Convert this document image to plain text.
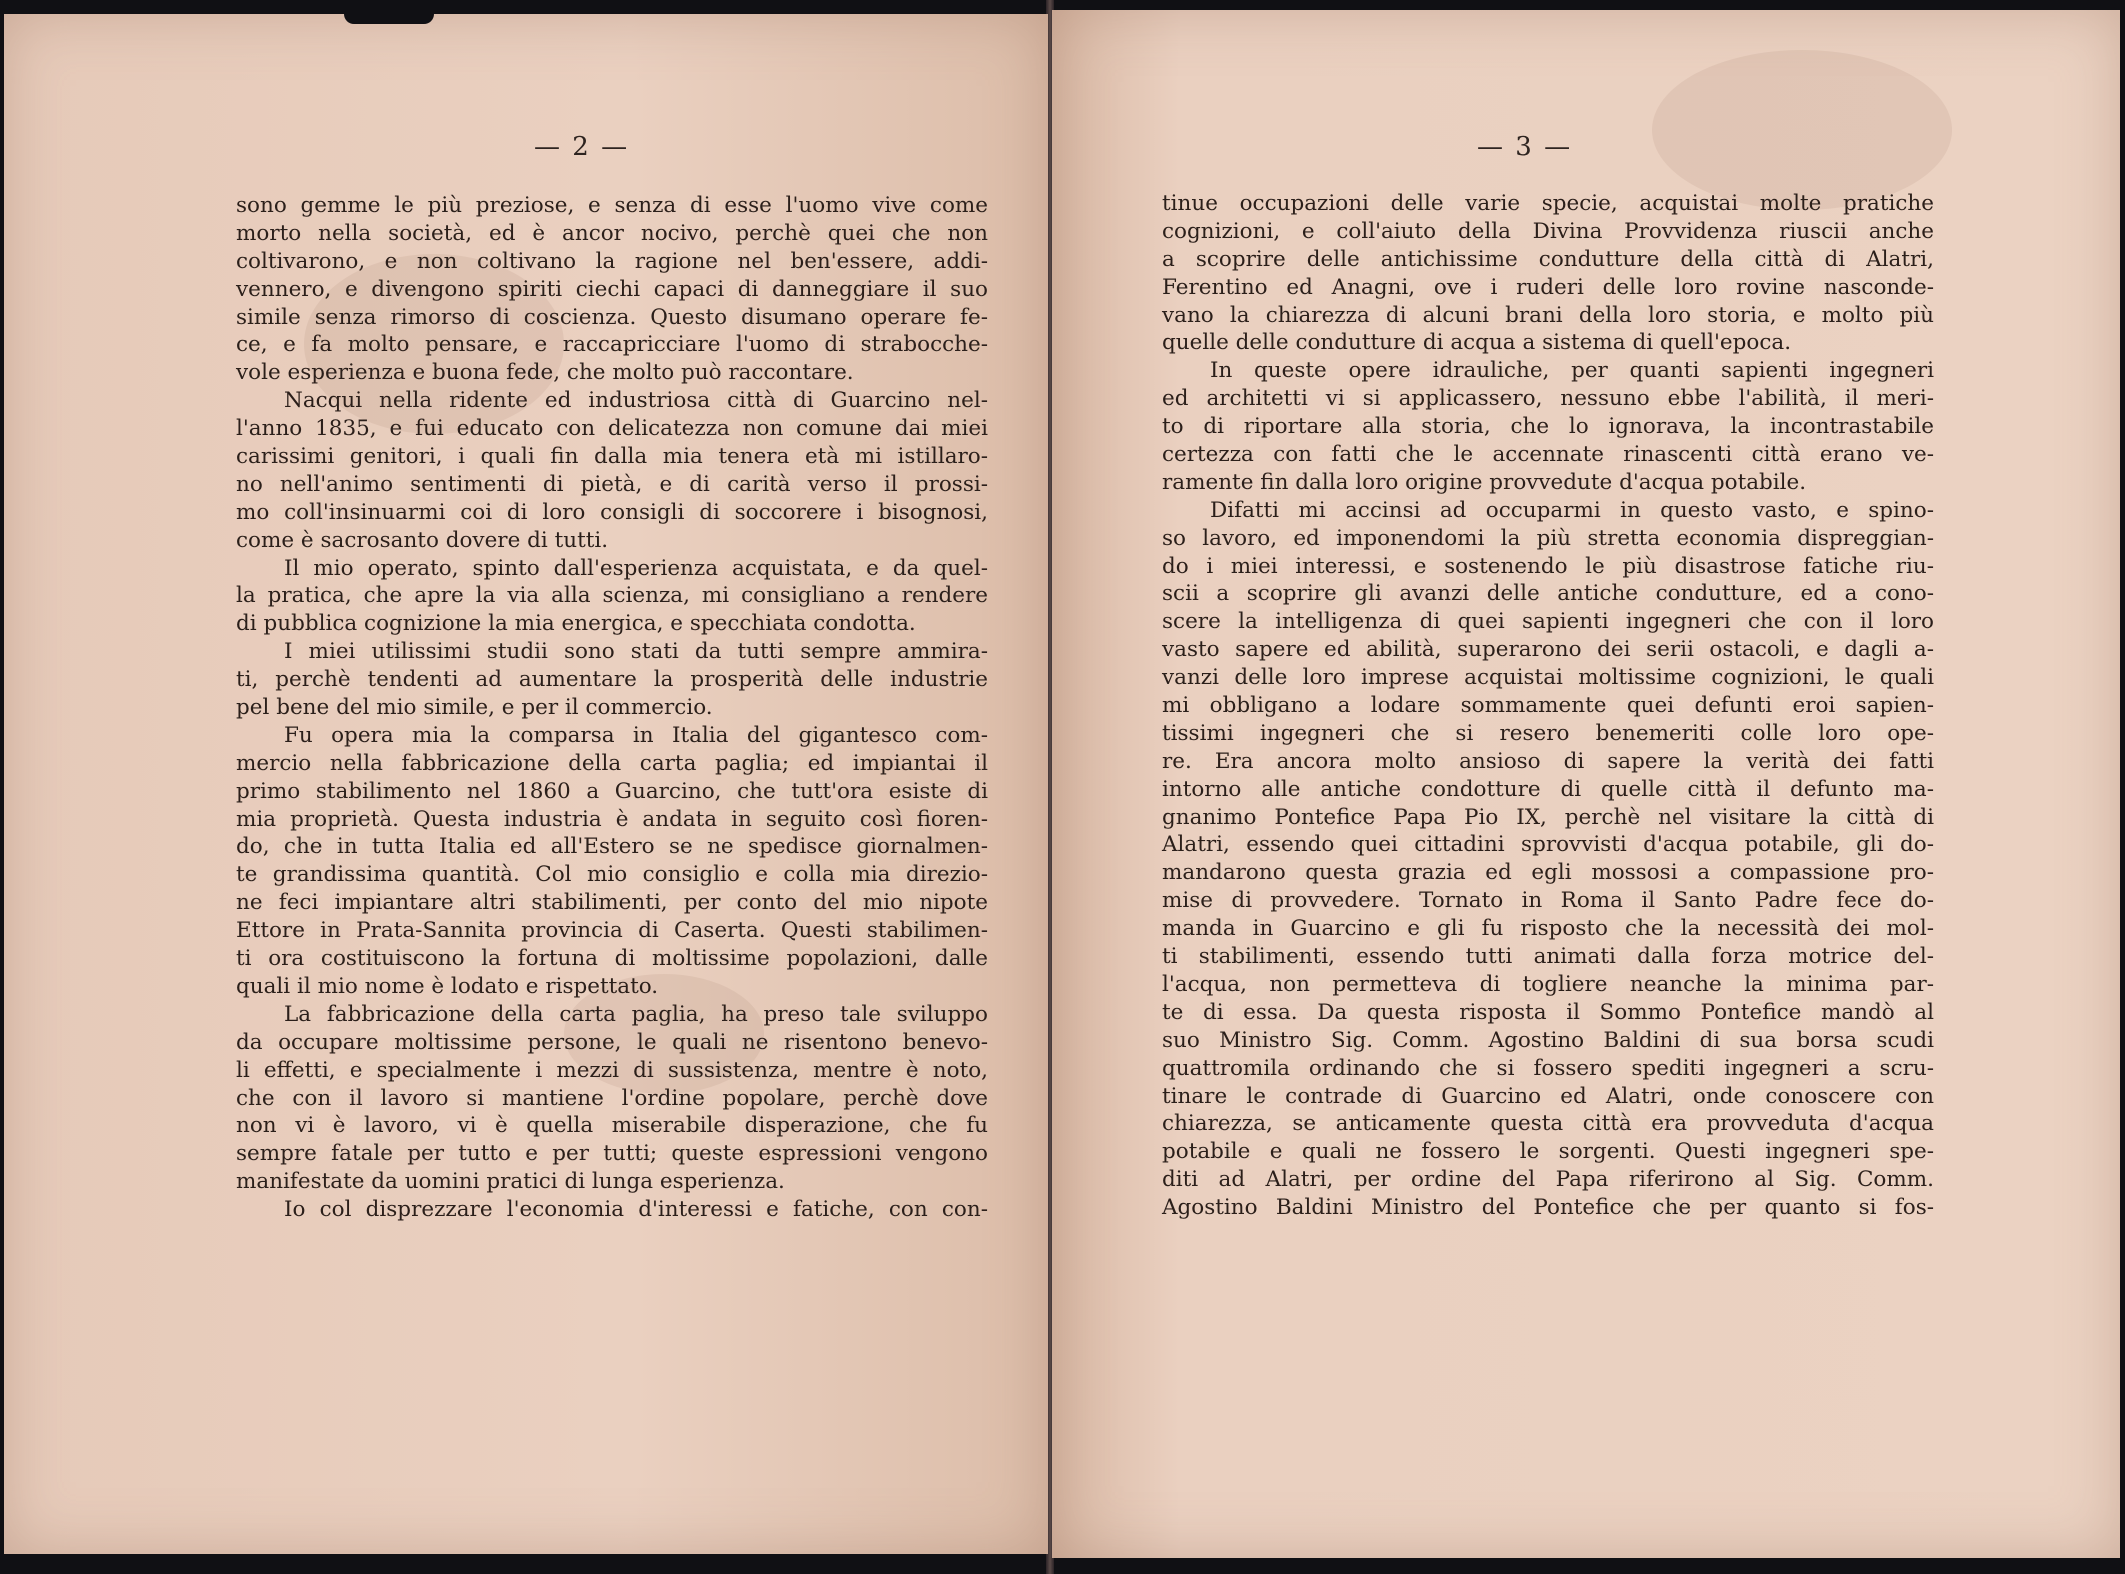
— 2 —
sono gemme le più preziose, e senza di esse l'uomo vive come
morto nella società, ed è ancor nocivo, perchè quei che non
coltivarono, e non coltivano la ragione nel ben'essere, addi-
vennero, e divengono spiriti ciechi capaci di danneggiare il suo
simile senza rimorso di coscienza. Questo disumano operare fe-
ce, e fa molto pensare, e raccapricciare l'uomo di strabocche-
vole esperienza e buona fede, che molto può raccontare.
Nacqui nella ridente ed industriosa città di Guarcino nel-
l'anno 1835, e fui educato con delicatezza non comune dai miei
carissimi genitori, i quali fin dalla mia tenera età mi istillaro-
no nell'animo sentimenti di pietà, e di carità verso il prossi-
mo coll'insinuarmi coi di loro consigli di soccorere i bisognosi,
come è sacrosanto dovere di tutti.
Il mio operato, spinto dall'esperienza acquistata, e da quel-
la pratica, che apre la via alla scienza, mi consigliano a rendere
di pubblica cognizione la mia energica, e specchiata condotta.
I miei utilissimi studii sono stati da tutti sempre ammira-
ti, perchè tendenti ad aumentare la prosperità delle industrie
pel bene del mio simile, e per il commercio.
Fu opera mia la comparsa in Italia del gigantesco com-
mercio nella fabbricazione della carta paglia; ed impiantai il
primo stabilimento nel 1860 a Guarcino, che tutt'ora esiste di
mia proprietà. Questa industria è andata in seguito così fioren-
do, che in tutta Italia ed all'Estero se ne spedisce giornalmen-
te grandissima quantità. Col mio consiglio e colla mia direzio-
ne feci impiantare altri stabilimenti, per conto del mio nipote
Ettore in Prata-Sannita provincia di Caserta. Questi stabilimen-
ti ora costituiscono la fortuna di moltissime popolazioni, dalle
quali il mio nome è lodato e rispettato.
La fabbricazione della carta paglia, ha preso tale sviluppo
da occupare moltissime persone, le quali ne risentono benevo-
li effetti, e specialmente i mezzi di sussistenza, mentre è noto,
che con il lavoro si mantiene l'ordine popolare, perchè dove
non vi è lavoro, vi è quella miserabile disperazione, che fu
sempre fatale per tutto e per tutti; queste espressioni vengono
manifestate da uomini pratici di lunga esperienza.
Io col disprezzare l'economia d'interessi e fatiche, con con-
— 3 —
tinue occupazioni delle varie specie, acquistai molte pratiche
cognizioni, e coll'aiuto della Divina Provvidenza riuscii anche
a scoprire delle antichissime condutture della città di Alatri,
Ferentino ed Anagni, ove i ruderi delle loro rovine nasconde-
vano la chiarezza di alcuni brani della loro storia, e molto più
quelle delle condutture di acqua a sistema di quell'epoca.
In queste opere idrauliche, per quanti sapienti ingegneri
ed architetti vi si applicassero, nessuno ebbe l'abilità, il meri-
to di riportare alla storia, che lo ignorava, la incontrastabile
certezza con fatti che le accennate rinascenti città erano ve-
ramente fin dalla loro origine provvedute d'acqua potabile.
Difatti mi accinsi ad occuparmi in questo vasto, e spino-
so lavoro, ed imponendomi la più stretta economia dispreggian-
do i miei interessi, e sostenendo le più disastrose fatiche riu-
scii a scoprire gli avanzi delle antiche condutture, ed a cono-
scere la intelligenza di quei sapienti ingegneri che con il loro
vasto sapere ed abilità, superarono dei serii ostacoli, e dagli a-
vanzi delle loro imprese acquistai moltissime cognizioni, le quali
mi obbligano a lodare sommamente quei defunti eroi sapien-
tissimi ingegneri che si resero benemeriti colle loro ope-
re. Era ancora molto ansioso di sapere la verità dei fatti
intorno alle antiche condotture di quelle città il defunto ma-
gnanimo Pontefice Papa Pio IX, perchè nel visitare la città di
Alatri, essendo quei cittadini sprovvisti d'acqua potabile, gli do-
mandarono questa grazia ed egli mossosi a compassione pro-
mise di provvedere. Tornato in Roma il Santo Padre fece do-
manda in Guarcino e gli fu risposto che la necessità dei mol-
ti stabilimenti, essendo tutti animati dalla forza motrice del-
l'acqua, non permetteva di togliere neanche la minima par-
te di essa. Da questa risposta il Sommo Pontefice mandò al
suo Ministro Sig. Comm. Agostino Baldini di sua borsa scudi
quattromila ordinando che si fossero spediti ingegneri a scru-
tinare le contrade di Guarcino ed Alatri, onde conoscere con
chiarezza, se anticamente questa città era provveduta d'acqua
potabile e quali ne fossero le sorgenti. Questi ingegneri spe-
diti ad Alatri, per ordine del Papa riferirono al Sig. Comm.
Agostino Baldini Ministro del Pontefice che per quanto si fos-
